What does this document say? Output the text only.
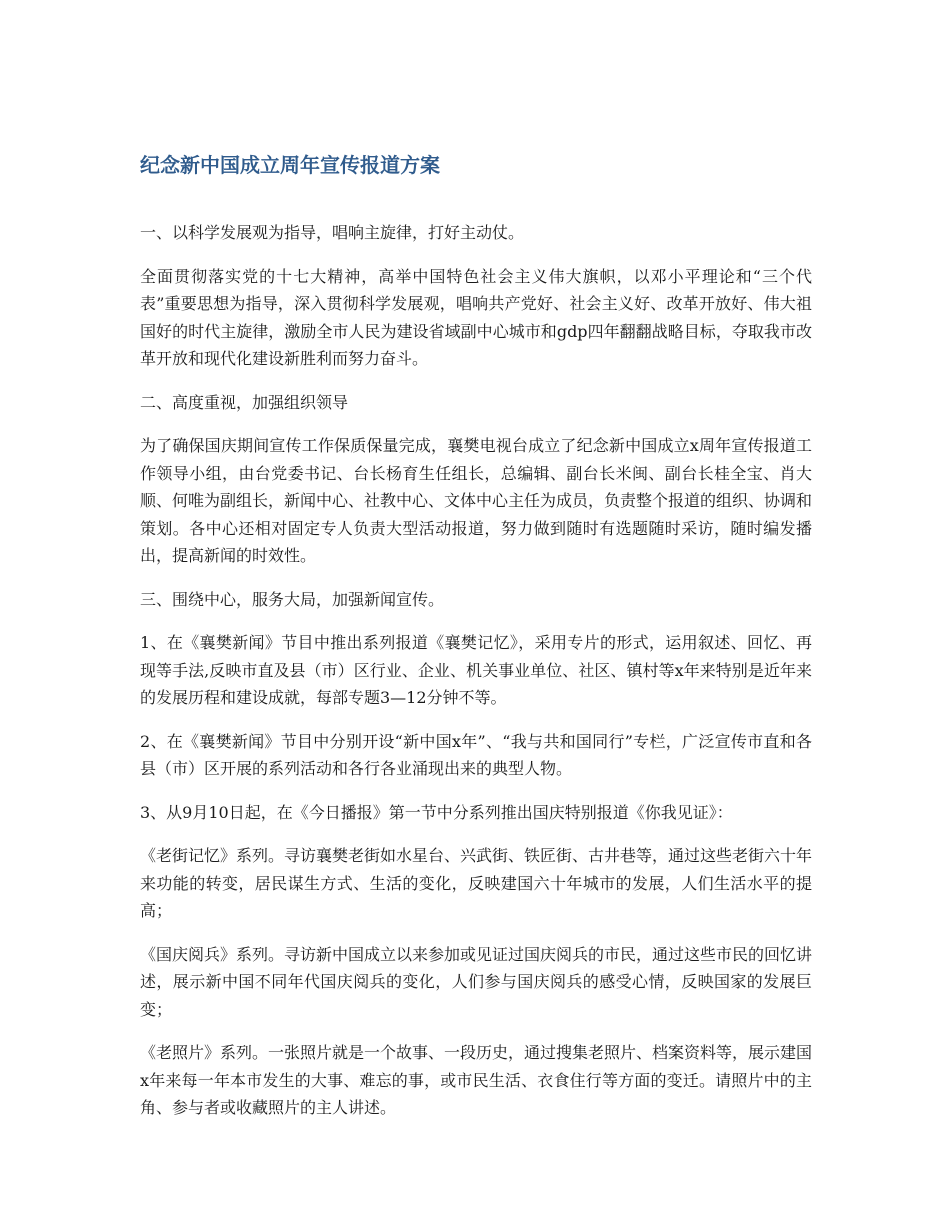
纪念新中国成立周年宣传报道方案

一、以科学发展观为指导，唱响主旋律，打好主动仗。

全面贯彻落实党的十七大精神，高举中国特色社会主义伟大旗帜，以邓小平理论和“三个代表”重要思想为指导，深入贯彻科学发展观，唱响共产党好、社会主义好、改革开放好、伟大祖国好的时代主旋律，激励全市人民为建设省域副中心城市和gdp四年翻翻战略目标，夺取我市改革开放和现代化建设新胜利而努力奋斗。

二、高度重视，加强组织领导

为了确保国庆期间宣传工作保质保量完成，襄樊电视台成立了纪念新中国成立x周年宣传报道工作领导小组，由台党委书记、台长杨育生任组长，总编辑、副台长米闽、副台长桂全宝、肖大顺、何唯为副组长，新闻中心、社教中心、文体中心主任为成员，负责整个报道的组织、协调和策划。各中心还相对固定专人负责大型活动报道，努力做到随时有选题随时采访，随时编发播出，提高新闻的时效性。

三、围绕中心，服务大局，加强新闻宣传。

1、在《襄樊新闻》节目中推出系列报道《襄樊记忆》，采用专片的形式，运用叙述、回忆、再现等手法,反映市直及县（市）区行业、企业、机关事业单位、社区、镇村等x年来特别是近年来的发展历程和建设成就，每部专题3—12分钟不等。

2、在《襄樊新闻》节目中分别开设“新中国x年”、“我与共和国同行”专栏，广泛宣传市直和各县（市）区开展的系列活动和各行各业涌现出来的典型人物。

3、从9月10日起，在《今日播报》第一节中分系列推出国庆特别报道《你我见证》：

《老街记忆》系列。寻访襄樊老街如水星台、兴武街、铁匠街、古井巷等，通过这些老街六十年来功能的转变，居民谋生方式、生活的变化，反映建国六十年城市的发展，人们生活水平的提高；

《国庆阅兵》系列。寻访新中国成立以来参加或见证过国庆阅兵的市民，通过这些市民的回忆讲述，展示新中国不同年代国庆阅兵的变化，人们参与国庆阅兵的感受心情，反映国家的发展巨变；

《老照片》系列。一张照片就是一个故事、一段历史，通过搜集老照片、档案资料等，展示建国x年来每一年本市发生的大事、难忘的事，或市民生活、衣食住行等方面的变迁。请照片中的主角、参与者或收藏照片的主人讲述。
